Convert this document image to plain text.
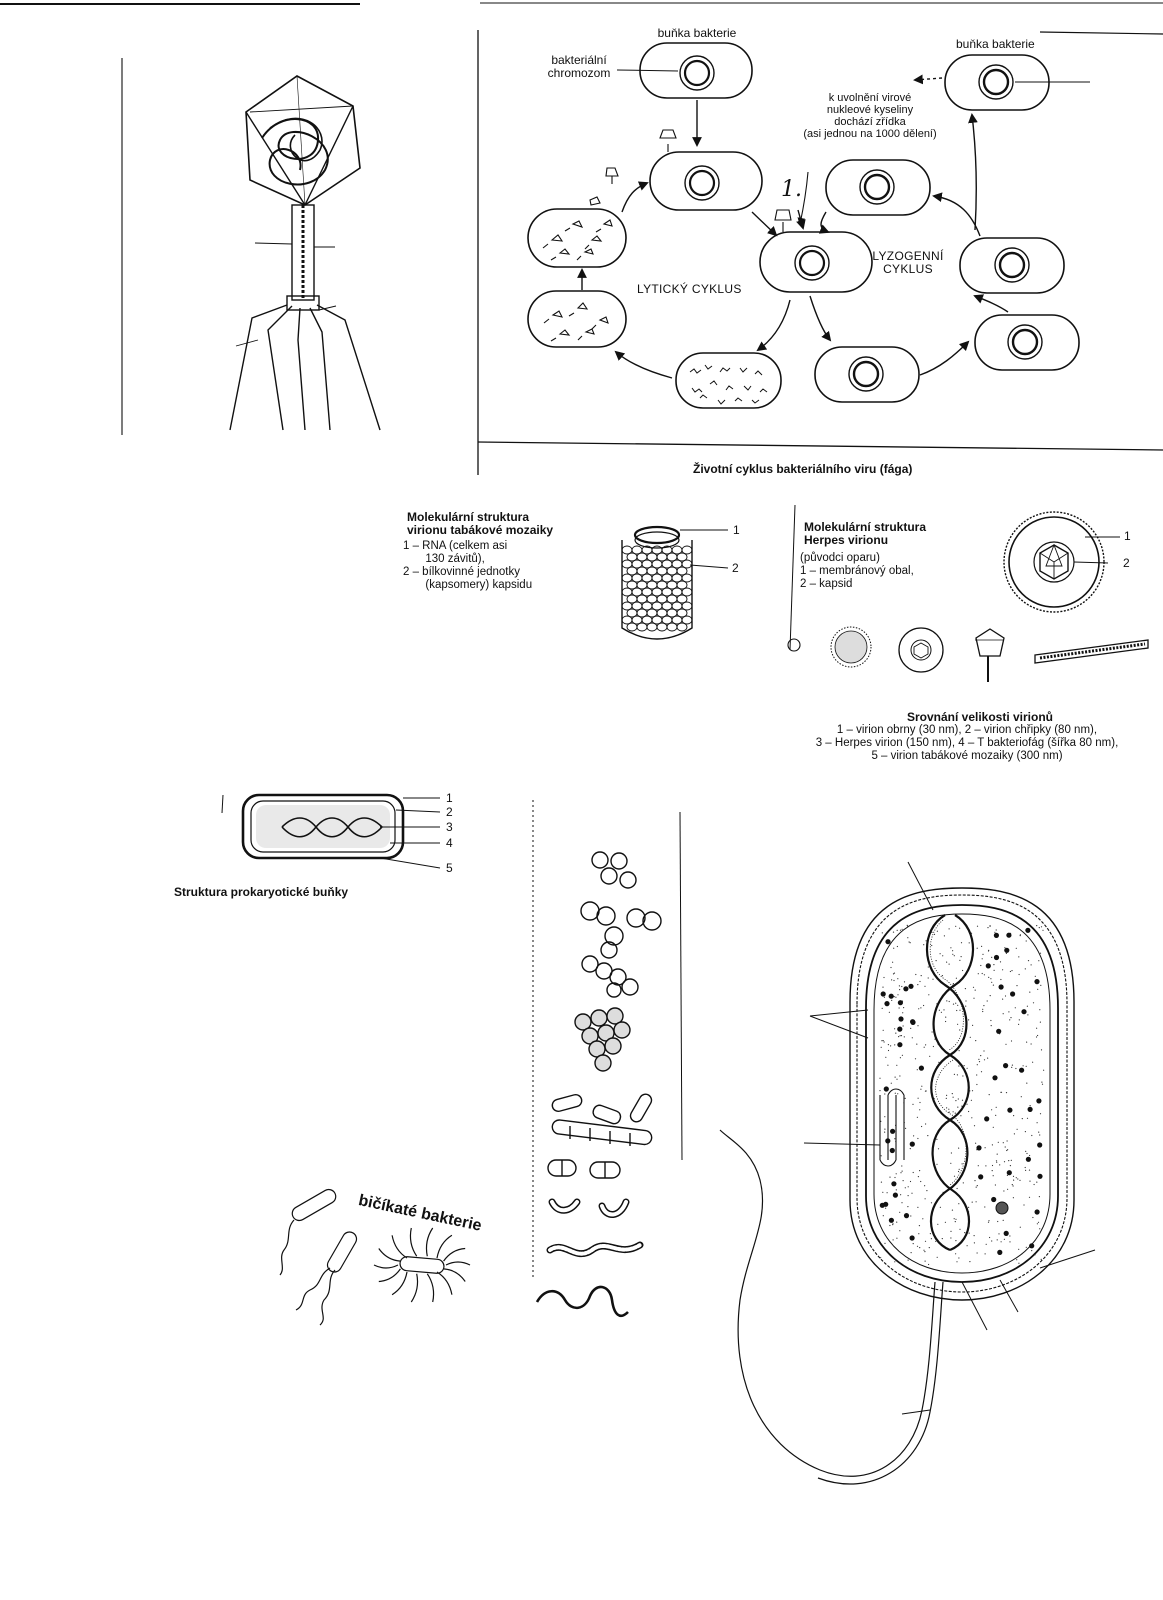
buňka bakterie
buňka bakterie
bakteriální
chromozom
k uvolnění virové
nukleové kyseliny
dochází zřídka
(asi jednou na 1000 dělení)
LYTICKÝ CYKLUS
LYZOGENNÍ
CYKLUS
1.
Životní cyklus bakteriálního viru (fága)
Molekulární struktura
virionu tabákové mozaiky
1 – RNA (celkem asi
130 závitů),
2 – bílkovinné jednotky
(kapsomery) kapsidu
1
2
Molekulární struktura
Herpes virionu
(původci oparu)
1 – membránový obal,
2 – kapsid
1
2
Srovnání velikosti virionů
1 – virion obrny (30 nm), 2 – virion chřipky (80 nm),
3 – Herpes virion (150 nm), 4 – T bakteriofág (šířka 80 nm),
5 – virion tabákové mozaiky (300 nm)
1
2
3
4
5
Struktura prokaryotické buňky
bičíkaté bakterie
